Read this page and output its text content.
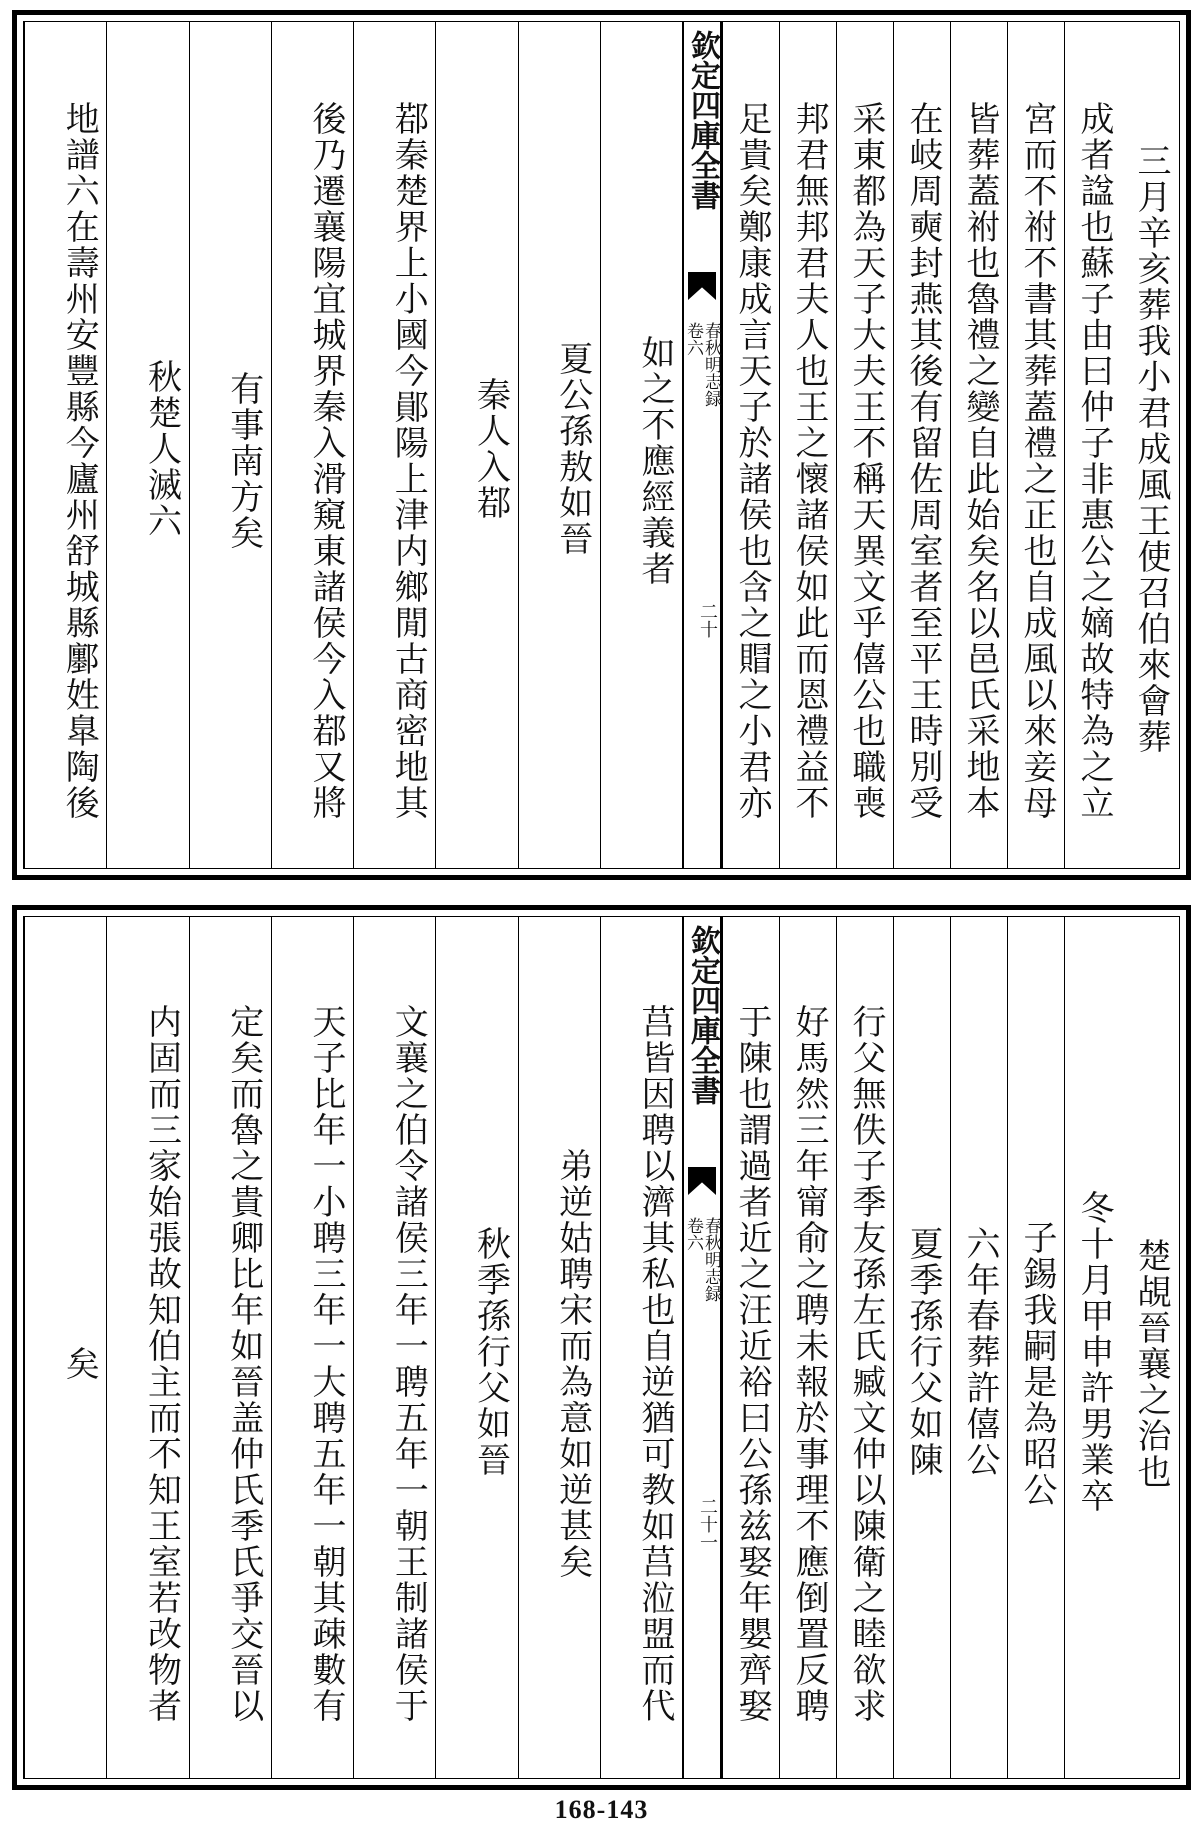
三月辛亥葬我小君成風王使召伯來會葬
成者諡也蘇子由曰仲子非惠公之嫡故特為之立
宮而不祔不書其葬蓋禮之正也自成風以來妾母
皆葬蓋祔也魯禮之變自此始矣名以邑氏采地本
在岐周奭封燕其後有留佐周室者至平王時別受
采東都為天子大夫王不稱天異文乎僖公也職喪
邦君無邦君夫人也王之懷諸侯如此而恩禮益不
足貴矣鄭康成言天子於諸侯也含之賵之小君亦
欽定四庫全書
春秋明志録
卷六
二十
如之不應經義者
夏公孫敖如晉
秦人入鄀
鄀秦楚界上小國今鄖陽上津内鄉閒古商密地其
後乃遷襄陽宜城界秦入滑窺東諸侯今入鄀又將
有事南方矣
秋楚人滅六
地譜六在壽州安豐縣今廬州舒城縣鄽姓臯陶後
楚覘晉襄之治也
冬十月甲申許男業卒
子錫我嗣是為昭公
六年春葬許僖公
夏季孫行父如陳
行父無佚子季友孫左氏臧文仲以陳衛之睦欲求
好馬然三年甯俞之聘未報於事理不應倒置反聘
于陳也謂過者近之汪近裕曰公孫兹娶年嬰齊娶
欽定四庫全書
春秋明志録
卷六
二十一
莒皆因聘以濟其私也自逆猶可教如莒涖盟而代
弟逆姑聘宋而為意如逆甚矣
秋季孫行父如晉
文襄之伯令諸侯三年一聘五年一朝王制諸侯于
天子比年一小聘三年一大聘五年一朝其疎數有
定矣而魯之貴卿比年如晉盖仲氏季氏爭交晉以
内固而三家始張故知伯主而不知王室若改物者
矣
168-143
